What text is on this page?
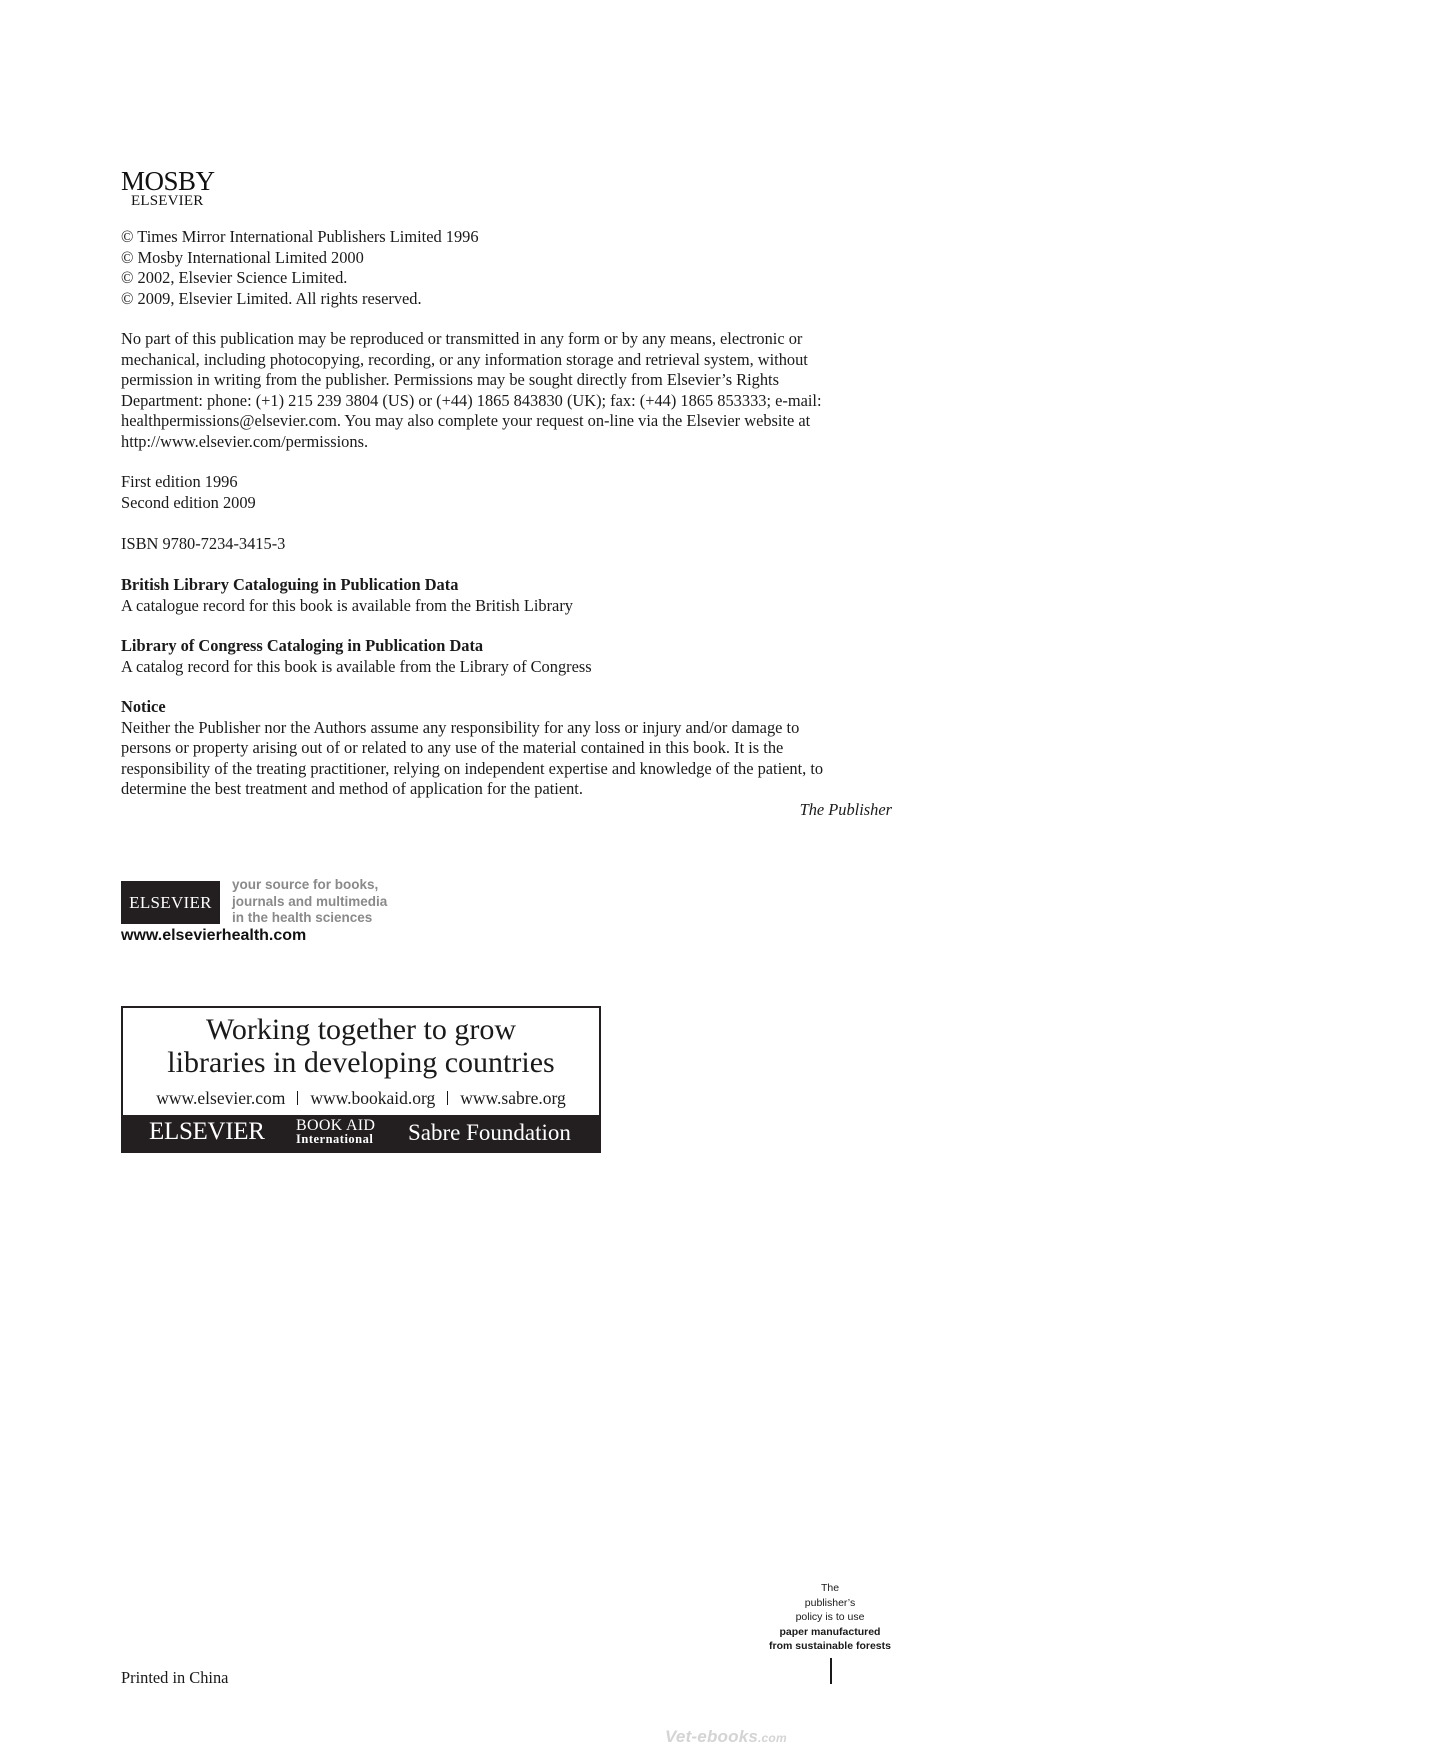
MOSBY
ELSEVIER
© Times Mirror International Publishers Limited 1996
© Mosby International Limited 2000
© 2002, Elsevier Science Limited.
© 2009, Elsevier Limited. All rights reserved.
No part of this publication may be reproduced or transmitted in any form or by any means, electronic or
mechanical, including photocopying, recording, or any information storage and retrieval system, without
permission in writing from the publisher. Permissions may be sought directly from Elsevier’s Rights
Department: phone: (+1) 215 239 3804 (US) or (+44) 1865 843830 (UK); fax: (+44) 1865 853333; e-mail:
healthpermissions@elsevier.com. You may also complete your request on-line via the Elsevier website at
http://www.elsevier.com/permissions.
First edition 1996
Second edition 2009
ISBN 9780-7234-3415-3
British Library Cataloguing in Publication Data
A catalogue record for this book is available from the British Library
Library of Congress Cataloging in Publication Data
A catalog record for this book is available from the Library of Congress
Notice
Neither the Publisher nor the Authors assume any responsibility for any loss or injury and/or damage to
persons or property arising out of or related to any use of the material contained in this book. It is the
responsibility of the treating practitioner, relying on independent expertise and knowledge of the patient, to
determine the best treatment and method of application for the patient.
The Publisher
ELSEVIER
your source for books,
journals and multimedia
in the health sciences
www.elsevierhealth.com
Working together to grow
libraries in developing countries
www.elsevier.com www.bookaid.org www.sabre.org
ELSEVIER BOOK AID
International Sabre Foundation
The
publisher’s
policy is to use
paper manufactured
from sustainable forests
Printed in China
Vet-ebooks.com
